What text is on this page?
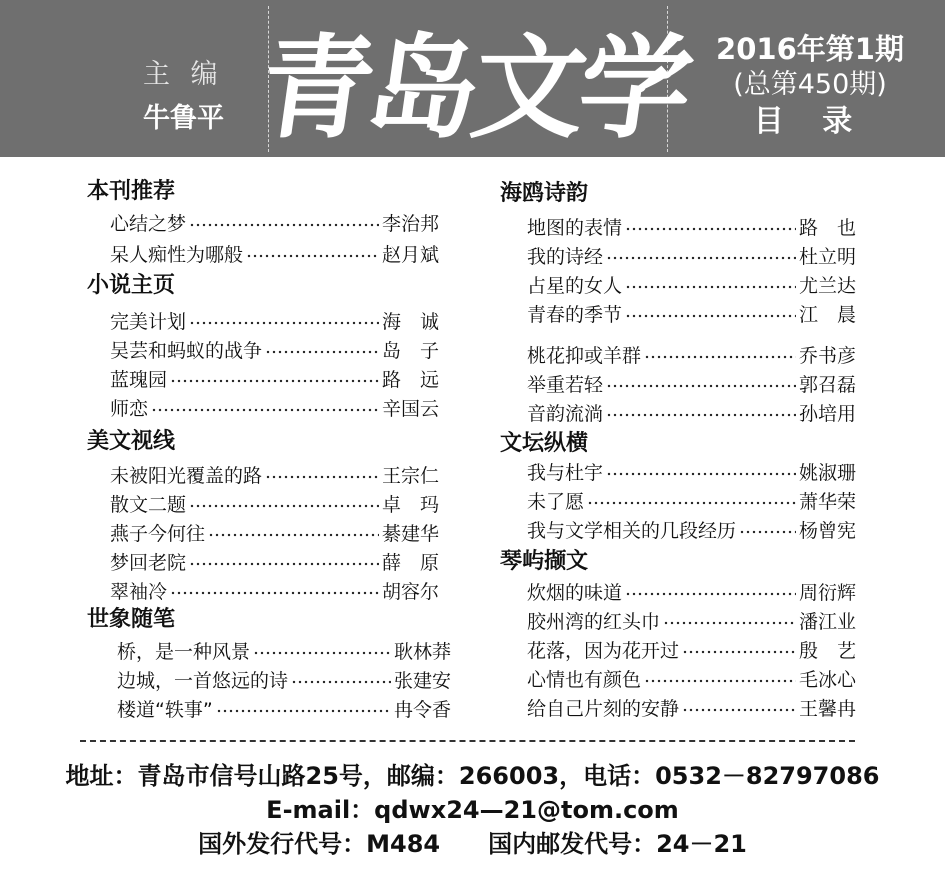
主 编
牛鲁平 青岛文学 2016年第1期
(总第450期)
目 录
本刊推荐
心结之梦	李治邦
呆人痴性为哪般	赵月斌
小说主页
完美计划	海　诚
吴芸和蚂蚁的战争	岛　子
蓝瑰园	路　远
师恋	辛国云
美文视线
未被阳光覆盖的路	王宗仁
散文二题	卓　玛
燕子今何往	綦建华
梦回老院	薛　原
翠袖冷	胡容尔
世象随笔
桥，是一种风景	耿林莽
边城，一首悠远的诗	张建安
楼道“轶事”	冉令香
海鸥诗韵
地图的表情	路　也
我的诗经	杜立明
占星的女人	尤兰达
青春的季节	江　晨
桃花抑或羊群	乔书彦
举重若轻	郭召磊
音韵流淌	孙培用
文坛纵横
我与杜宇	姚淑珊
未了愿	萧华荣
我与文学相关的几段经历	杨曾宪
琴屿撷文
炊烟的味道	周衍辉
胶州湾的红头巾	潘江业
花落，因为花开过	殷　艺
心情也有颜色	毛冰心
给自己片刻的安静	王馨冉
地址：青岛市信号山路25号，邮编：266003，电话：0532－82797086
E-mail：qdwx24—21@tom.com
国外发行代号：M484　　国内邮发代号：24－21
